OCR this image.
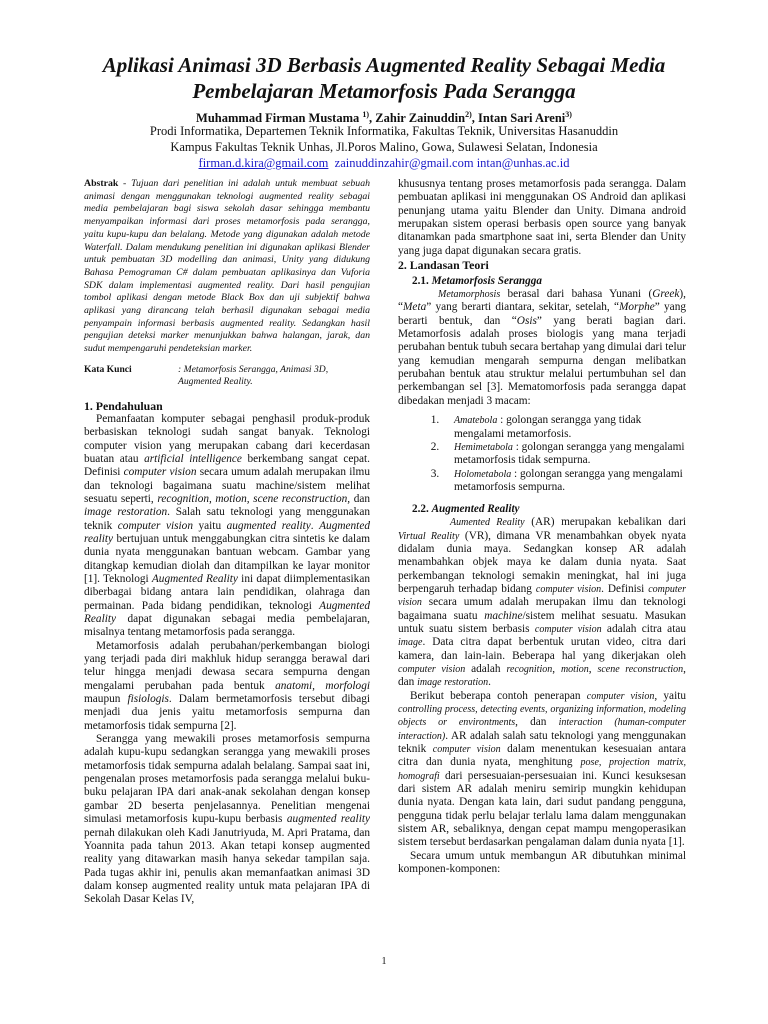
Aplikasi Animasi 3D Berbasis Augmented Reality Sebagai Media Pembelajaran Metamorfosis Pada Serangga

Muhammad Firman Mustama $^{1)}$, Zahir Zainuddin$^{2)}$, Intan Sari Areni$^{3)}$

Prodi Informatika, Departemen Teknik Informatika, Fakultas Teknik, Universitas Hasanuddin

Kampus Fakultas Teknik Unhas, Jl.Poros Malino, Gowa, Sulawesi Selatan, Indonesia

firman.d.kira@gmail.com zainuddinzahir@gmail.com intan@unhas.ac.id

Abstrak - Tujuan dari penelitian ini adalah untuk membuat sebuah animasi dengan menggunakan teknologi augmented reality sebagai media pembelajaran bagi siswa sekolah dasar sehingga membantu menyampaikan informasi dari proses metamorfosis pada serangga, yaitu kupu-kupu dan belalang. Metode yang digunakan adalah metode Waterfall. Dalam mendukung penelitian ini digunakan aplikasi Blender untuk pembuatan 3D modelling dan animasi, Unity yang didukung Bahasa Pemograman C# dalam pembuatan aplikasinya dan Vuforia SDK dalam implementasi augmented reality. Dari hasil pengujian tombol aplikasi dengan metode Black Box dan uji subjektif bahwa aplikasi yang dirancang telah berhasil digunakan sebagai media penyampain informasi berbasis augmented reality. Sedangkan hasil pengujian deteksi marker menunjukkan bahwa halangan, jarak, dan sudut mempengaruhi pendeteksian marker.

Kata Kunci	: Metamorfosis Serangga, Animasi 3D, Augmented Reality.
1. Pendahuluan

Pemanfaatan komputer sebagai penghasil produk-produk berbasiskan teknologi sudah sangat banyak. Teknologi computer vision yang merupakan cabang dari kecerdasan buatan atau artificial intelligence berkembang sangat cepat. Definisi computer vision secara umum adalah merupakan ilmu dan teknologi bagaimana suatu machine/sistem melihat sesuatu seperti, recognition, motion, scene reconstruction, dan image restoration. Salah satu teknologi yang menggunakan teknik computer vision yaitu augmented reality. Augmented reality bertujuan untuk menggabungkan citra sintetis ke dalam dunia nyata menggunakan bantuan webcam. Gambar yang ditangkap kemudian diolah dan ditampilkan ke layar monitor [1]. Teknologi Augmented Reality ini dapat diimplementasikan diberbagai bidang antara lain pendidikan, olahraga dan permainan. Pada bidang pendidikan, teknologi Augmented Reality dapat digunakan sebagai media pembelajaran, misalnya tentang metamorfosis pada serangga.

Metamorfosis adalah perubahan/perkembangan biologi yang terjadi pada diri makhluk hidup serangga berawal dari telur hingga menjadi dewasa secara sempurna dengan mengalami perubahan pada bentuk anatomi, morfologi maupun fisiologis. Dalam bermetamorfosis tersebut dibagi menjadi dua jenis yaitu metamorfosis sempurna dan metamorfosis tidak sempurna [2].

Serangga yang mewakili proses metamorfosis sempurna adalah kupu-kupu sedangkan serangga yang mewakili proses metamorfosis tidak sempurna adalah belalang. Sampai saat ini, pengenalan proses metamorfosis pada serangga melalui buku-buku pelajaran IPA dari anak-anak sekolahan dengan konsep gambar 2D beserta penjelasannya. Penelitian mengenai simulasi metamorfosis kupu-kupu berbasis augmented reality pernah dilakukan oleh Kadi Janutriyuda, M. Apri Pratama, dan Yoannita pada tahun 2013. Akan tetapi konsep augmented reality yang ditawarkan masih hanya sekedar tampilan saja. Pada tugas akhir ini, penulis akan memanfaatkan animasi 3D dalam konsep augmented reality untuk mata pelajaran IPA di Sekolah Dasar Kelas IV,

khususnya tentang proses metamorfosis pada serangga. Dalam pembuatan aplikasi ini menggunakan OS Android dan aplikasi penunjang utama yaitu Blender dan Unity. Dimana android merupakan sistem operasi berbasis open source yang banyak ditanamkan pada smartphone saat ini, serta Blender dan Unity yang juga dapat digunakan secara gratis.

2. Landasan Teori
2.1. Metamorfosis Serangga

Metamorphosis berasal dari bahasa Yunani (Greek), “Meta” yang berarti diantara, sekitar, setelah, “Morphe” yang berarti bentuk, dan “Osis” yang berati bagian dari. Metamorfosis adalah proses biologis yang mana terjadi perubahan bentuk tubuh secara bertahap yang dimulai dari telur yang kemudian mengarah sempurna dengan melibatkan perubahan bentuk atau struktur melalui pertumbuhan sel dan perkembangan sel [3]. Mematomorfosis pada serangga dapat dibedakan menjadi 3 macam:

1. Amatebola : golongan serangga yang tidak mengalami metamorfosis.
2. Hemimetabola : golongan serangga yang mengalami metamorfosis tidak sempurna.
3. Holometabola : golongan serangga yang mengalami metamorfosis sempurna.
2.2. Augmented Reality

Aumented Reality (AR) merupakan kebalikan dari Virtual Reality (VR), dimana VR menambahkan obyek nyata didalam dunia maya. Sedangkan konsep AR adalah menambahkan objek maya ke dalam dunia nyata. Saat perkembangan teknologi semakin meningkat, hal ini juga berpengaruh terhadap bidang computer vision. Definisi computer vision secara umum adalah merupakan ilmu dan teknologi bagaimana suatu machine/sistem melihat sesuatu. Masukan untuk suatu sistem berbasis computer vision adalah citra atau image. Data citra dapat berbentuk urutan video, citra dari kamera, dan lain-lain. Beberapa hal yang dikerjakan oleh computer vision adalah recognition, motion, scene reconstruction, dan image restoration.

Berikut beberapa contoh penerapan computer vision, yaitu controlling process, detecting events, organizing information, modeling objects or environtments, dan interaction (human-computer interaction). AR adalah salah satu teknologi yang menggunakan teknik computer vision dalam menentukan kesesuaian antara citra dan dunia nyata, menghitung pose, projection matrix, homografi dari persesuaian-persesuaian ini. Kunci kesuksesan dari sistem AR adalah meniru semirip mungkin kehidupan dunia nyata. Dengan kata lain, dari sudut pandang pengguna, pengguna tidak perlu belajar terlalu lama dalam menggunakan sistem AR, sebaliknya, dengan cepat mampu mengoperasikan sistem tersebut berdasarkan pengalaman dalam dunia nyata [1].

Secara umum untuk membangun AR dibutuhkan minimal komponen-komponen:

1
